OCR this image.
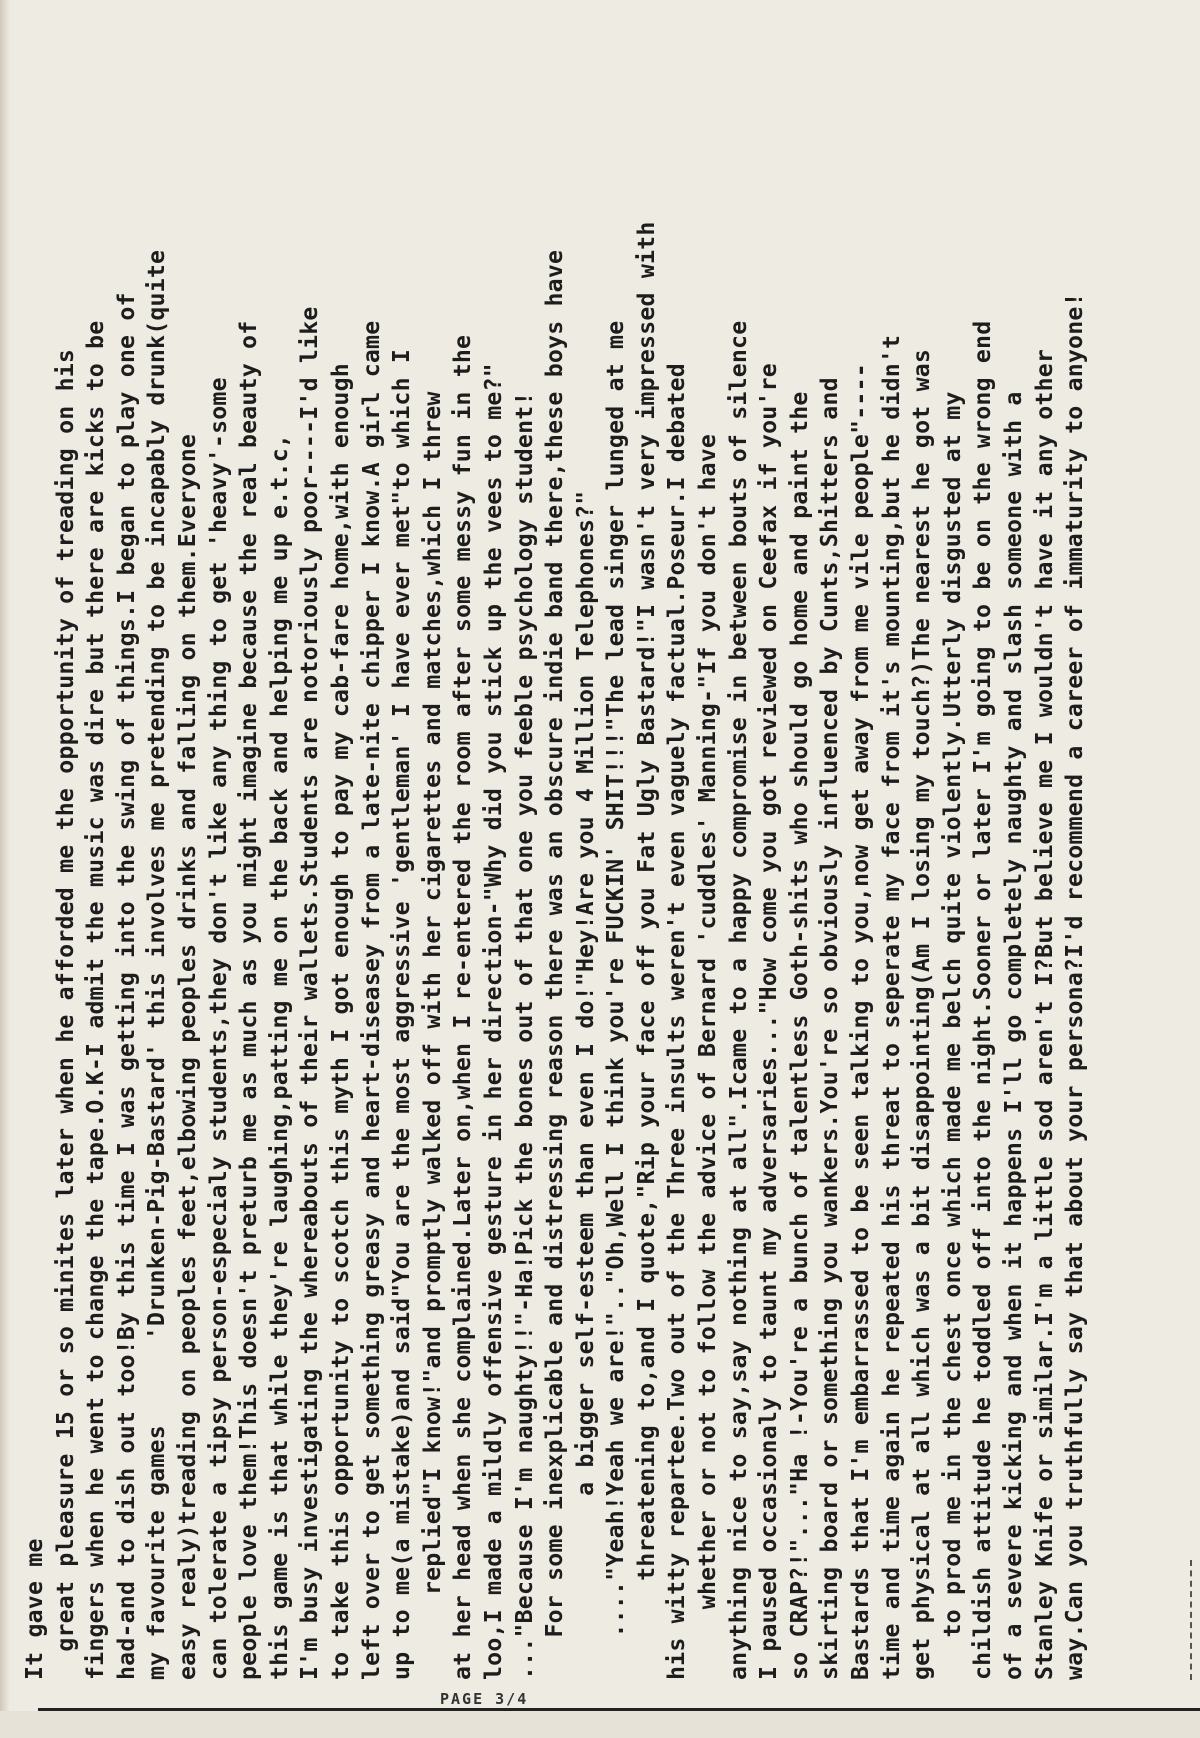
It gave me great pleasure 15 or so minites later when he afforded me the opportunity of treading on his fingers when he went to change the tape.O.K-I admit the music was dire but there are kicks to be had-and to dish out too!By this time I was getting into the swing of things.I began to play one of my favourite games      'Drunken-Pig-Bastard' this involves me pretending to be incapably drunk(quite easy realy)treading on peoples feet,elbowing peoples drinks and falling on them.Everyone can tolerate a tipsy person-especialy students,they don't like any thing to get 'heavy'-some people love them!This doesn't preturb me as much as you might imagine because the real beauty of this game is that while they're laughing,patting me on the back and helping me up e.t.c, I'm busy investigating the whereabouts of their wallets.Students are notoriously poor----I'd like to take this opportunity to scotch this myth I got enough to pay my cab-fare home,with enough left over to get something greasy and heart-diseasey from a late-nite chipper I know.A girl came up to me(a mistake)and said"You are the most aggressive 'gentleman' I have ever met"to which I replied"I know!"and promptly walked off with her cigarettes and matches,which I threw at her head when she complained.Later on,when I re-entered the room after some messy fun in the loo,I made a mildly offensive gesture in her direction-"Why did you stick up the vees to me?" ..."Because I'm naughty!!"-Ha!Pick the bones out of that one you feeble psychology student! For some inexplicable and distressing reason there was an obscure indie band there,these boys have a bigger self-esteem than even I do!"Hey!Are you 4 Million Telephones?" ...."Yeah!Yeah we are!".."Oh,Well I think you're FUCKIN' SHIT!!!"The lead singer lunged at me threatening to,and I quote,"Rip your face off you Fat Ugly Bastard!"I wasn't very impressed with his witty repartee.Two out of the Three insults weren't even vaguely factual.Poseur.I debated whether or not to follow the advice of Bernard 'cuddles' Manning-"If you don't have anything nice to say,say nothing at all".Icame to a happy compromise in between bouts of silence I paused occasionaly to taunt my adversaries..."How come you got reviewed on Ceefax if you're so CRAP?!"..."Ha !-You're a bunch of talentless Goth-shits who should go home and paint the skirting board or something you wankers.You're so obviously influenced by Cunts,Shitters and Bastards that I'm embarrassed to be seen talking to you,now get away from me vile people"---- time and time again he repeated his threat to seperate my face from it's mounting,but he didn't get physical at all which was a bit disappointing(Am I losing my touch?)The nearest he got was to prod me in the chest once which made me belch quite violently.Utterly disgusted at my childish attitude he toddled off into the night.Sooner or later I'm going to be on the wrong end of a severe kicking and when it happens I'll go completely naughty and slash someone with a Stanley Knife or similar.I'm a little sod aren't I?But believe me I wouldn't have it any other way.Can you truthfully say that about your persona?I'd recommend a career of immaturity to anyone!
PAGE 3/4
